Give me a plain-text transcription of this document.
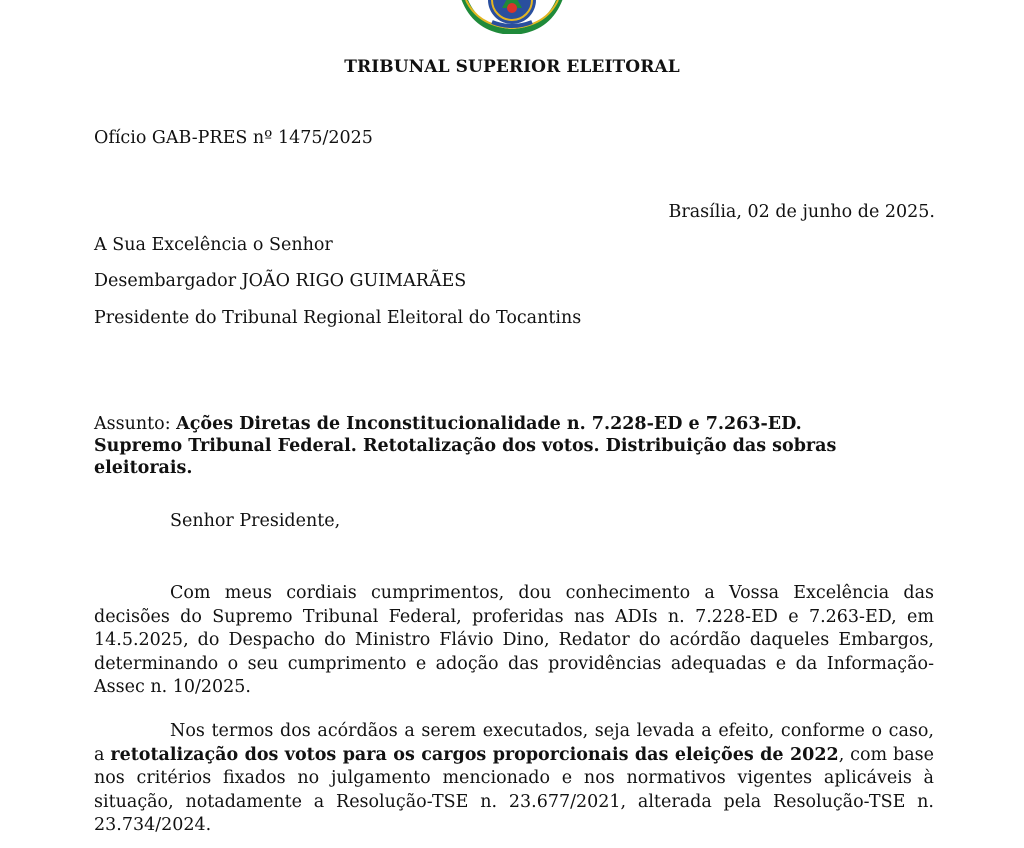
TRIBUNAL SUPERIOR ELEITORAL
Ofício GAB-PRES nº 1475/2025
Brasília, 02 de junho de 2025.
A Sua Excelência o Senhor
Desembargador JOÃO RIGO GUIMARÃES
Presidente do Tribunal Regional Eleitoral do Tocantins
Assunto: Ações Diretas de Inconstitucionalidade n. 7.228-ED e 7.263-ED. Supremo Tribunal Federal. Retotalização dos votos. Distribuição das sobras eleitorais.
Senhor Presidente,

Com meus cordiais cumprimentos, dou conhecimento a Vossa Excelência das decisões do Supremo Tribunal Federal, proferidas nas ADIs n. 7.228-ED e 7.263-ED, em 14.5.2025, do Despacho do Ministro Flávio Dino, Redator do acórdão daqueles Embargos, determinando o seu cumprimento e adoção das providências adequadas e da Informação-Assec n. 10/2025.

Nos termos dos acórdãos a serem executados, seja levada a efeito, conforme o caso, a retotalização dos votos para os cargos proporcionais das eleições de 2022, com base nos critérios fixados no julgamento mencionado e nos normativos vigentes aplicáveis à situação, notadamente a Resolução-TSE n. 23.677/2021, alterada pela Resolução-TSE n. 23.734/2024.
